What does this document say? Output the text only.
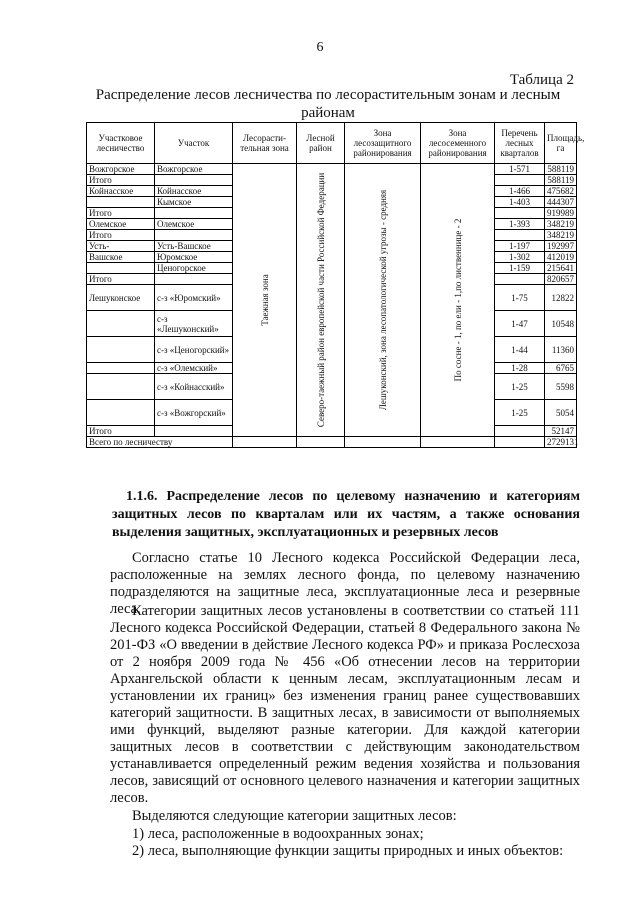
6
Таблица 2
Распределение лесов лесничества по лесорастительным зонам и лесным районам
Участковое лесничество	Участок	Лесорасти-тельная зона	Лесной район	Зона лесозащитного районирования	Зона лесосеменного районирования	Перечень лесных кварталов	Площадь, га
Вожгорское	Вожгорское	Таежная зона	Северо-таежный район европейской части Российской Федерации	Лешуконский, зона лесопатологической угрозы - средняя	По сосне - 1, по ели - 1,по лиственнице - 2	1-571	588119
Итого							588119
Койнасское	Койнасское					1-466	475682
	Кымское					1-403	444307
Итого							919989
Олемское	Олемское					1-393	348219
Итого							348219
Усть-	Усть-Вашское					1-197	192997
Вашское	Юромское					1-302	412019
	Ценогорское					1-159	215641
Итого							820657
Лешуконское	с-з «Юромский»					1-75	12822
	с-з «Лешуконский»					1-47	10548
	с-з «Ценогорский»					1-44	11360
	с-з «Олемский»					1-28	6765
	с-з «Койнасский»					1-25	5598
	с-з «Вожгорский»					1-25	5054
Итого							52147
Всего по лесничеству							2729131
1.1.6. Распределение лесов по целевому назначению и категориям защитных лесов по кварталам или их частям, а также основания выделения защитных, эксплуатационных и резервных лесов

Согласно статье 10 Лесного кодекса Российской Федерации леса, расположенные на землях лесного фонда, по целевому назначению подразделяются на защитные леса, эксплуатационные леса и резервные леса.

Категории защитных лесов установлены в соответствии со статьей 111 Лесного кодекса Российской Федерации, статьей 8 Федерального закона № 201-ФЗ «О введении в действие Лесного кодекса РФ» и приказа Рослесхоза от 2 ноября 2009 года № 456 «Об отнесении лесов на территории Архангельской области к ценным лесам, эксплуатационным лесам и установлении их границ» без изменения границ ранее существовавших категорий защитности. В защитных лесах, в зависимости от выполняемых ими функций, выделяют разные категории. Для каждой категории защитных лесов в соответствии с действующим законодательством устанавливается определенный режим ведения хозяйства и пользования лесов, зависящий от основного целевого назначения и категории защитных лесов.

Выделяются следующие категории защитных лесов:

1) леса, расположенные в водоохранных зонах;
2) леса, выполняющие функции защиты природных и иных объектов:
